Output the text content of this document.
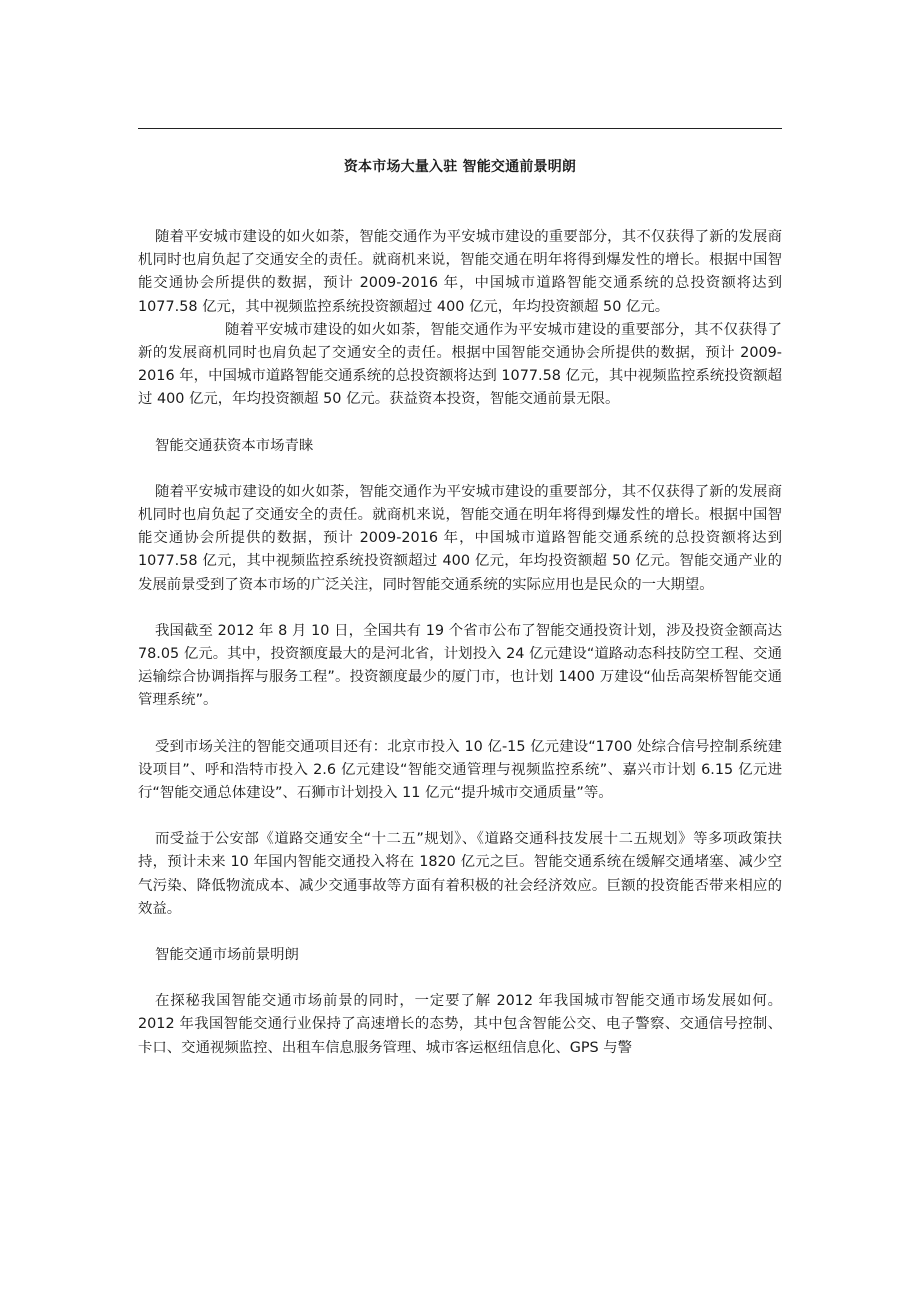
资本市场大量入驻 智能交通前景明朗

随着平安城市建设的如火如荼，智能交通作为平安城市建设的重要部分，其不仅获得了新的发展商机同时也肩负起了交通安全的责任。就商机来说，智能交通在明年将得到爆发性的增长。根据中国智能交通协会所提供的数据，预计 2009-2016 年，中国城市道路智能交通系统的总投资额将达到 1077.58 亿元，其中视频监控系统投资额超过 400 亿元，年均投资额超 50 亿元。

随着平安城市建设的如火如荼，智能交通作为平安城市建设的重要部分，其不仅获得了新的发展商机同时也肩负起了交通安全的责任。根据中国智能交通协会所提供的数据，预计 2009-2016 年，中国城市道路智能交通系统的总投资额将达到 1077.58 亿元，其中视频监控系统投资额超过 400 亿元，年均投资额超 50 亿元。获益资本投资，智能交通前景无限。

智能交通获资本市场青睐

随着平安城市建设的如火如荼，智能交通作为平安城市建设的重要部分，其不仅获得了新的发展商机同时也肩负起了交通安全的责任。就商机来说，智能交通在明年将得到爆发性的增长。根据中国智能交通协会所提供的数据，预计 2009-2016 年，中国城市道路智能交通系统的总投资额将达到 1077.58 亿元，其中视频监控系统投资额超过 400 亿元，年均投资额超 50 亿元。智能交通产业的发展前景受到了资本市场的广泛关注，同时智能交通系统的实际应用也是民众的一大期望。

我国截至 2012 年 8 月 10 日，全国共有 19 个省市公布了智能交通投资计划，涉及投资金额高达 78.05 亿元。其中，投资额度最大的是河北省，计划投入 24 亿元建设“道路动态科技防空工程、交通运输综合协调指挥与服务工程”。投资额度最少的厦门市，也计划 1400 万建设“仙岳高架桥智能交通管理系统”。

受到市场关注的智能交通项目还有：北京市投入 10 亿-15 亿元建设“1700 处综合信号控制系统建设项目”、呼和浩特市投入 2.6 亿元建设“智能交通管理与视频监控系统”、嘉兴市计划 6.15 亿元进行“智能交通总体建设”、石狮市计划投入 11 亿元“提升城市交通质量”等。

而受益于公安部《道路交通安全“十二五”规划》、《道路交通科技发展十二五规划》等多项政策扶持，预计未来 10 年国内智能交通投入将在 1820 亿元之巨。智能交通系统在缓解交通堵塞、减少空气污染、降低物流成本、减少交通事故等方面有着积极的社会经济效应。巨额的投资能否带来相应的效益。

智能交通市场前景明朗

在探秘我国智能交通市场前景的同时，一定要了解 2012 年我国城市智能交通市场发展如何。2012 年我国智能交通行业保持了高速增长的态势，其中包含智能公交、电子警察、交通信号控制、卡口、交通视频监控、出租车信息服务管理、城市客运枢纽信息化、GPS 与警
